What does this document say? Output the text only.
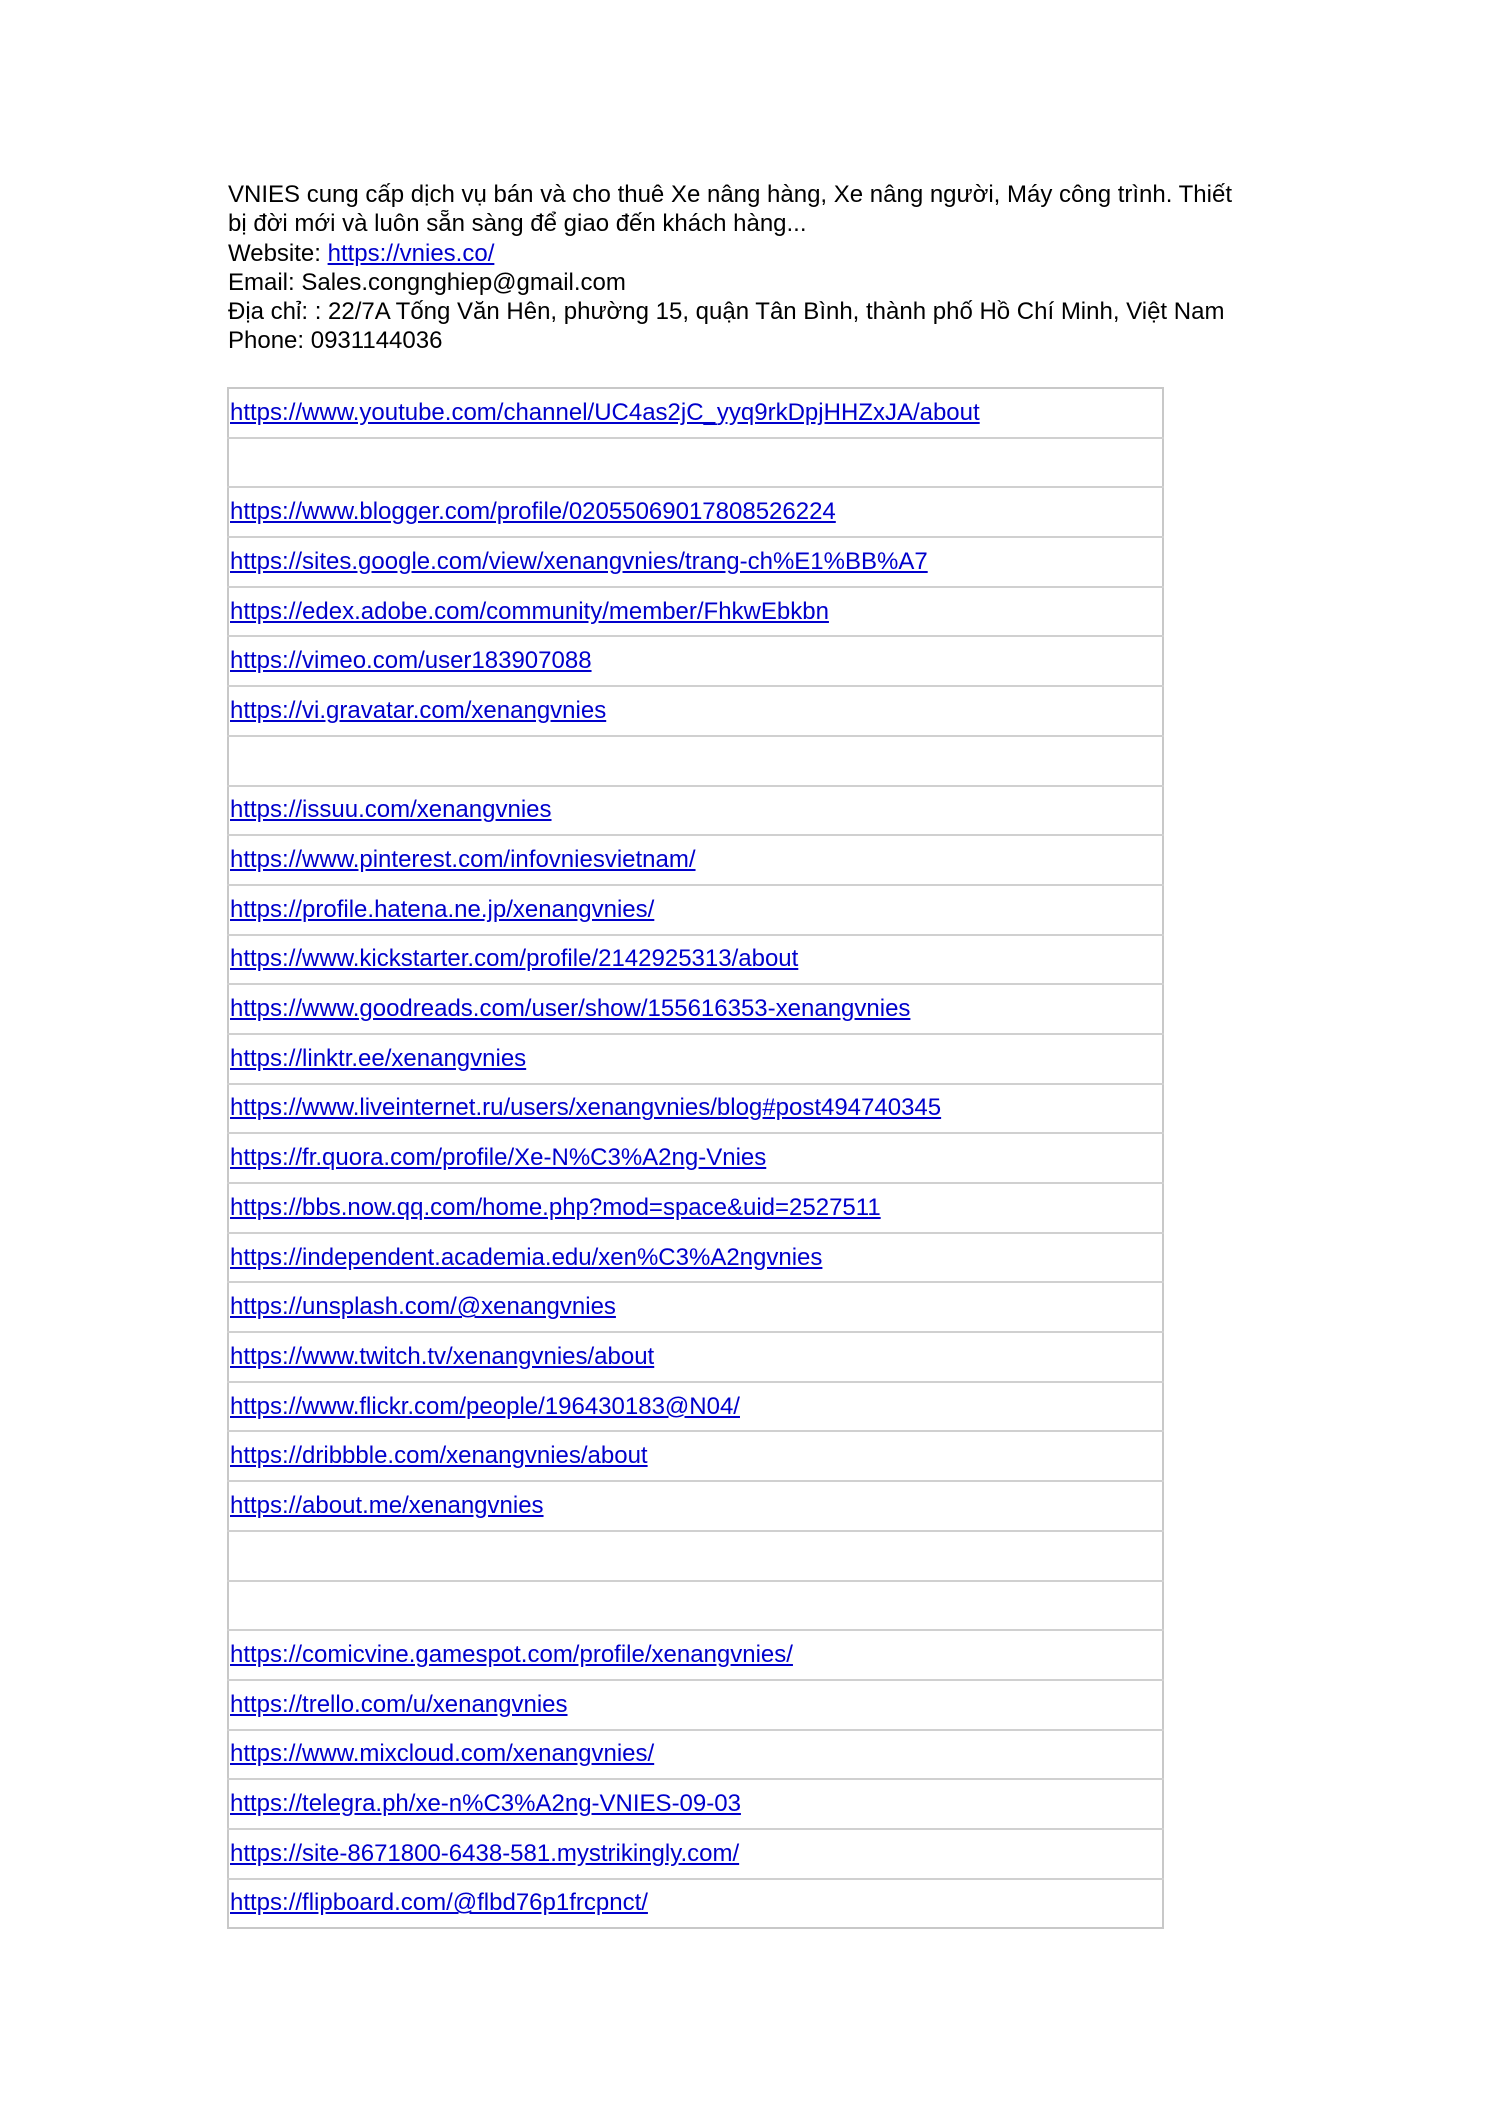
VNIES cung cấp dịch vụ bán và cho thuê Xe nâng hàng, Xe nâng người, Máy công trình. Thiết bị đời mới và luôn sẵn sàng để giao đến khách hàng...

Website: https://vnies.co/

Email: Sales.congnghiep@gmail.com

Địa chỉ: : 22/7A Tống Văn Hên, phường 15, quận Tân Bình, thành phố Hồ Chí Minh, Việt Nam

Phone: 0931144036

https://www.youtube.com/channel/UC4as2jC_yyq9rkDpjHHZxJA/about

https://www.blogger.com/profile/02055069017808526224
https://sites.google.com/view/xenangvnies/trang-ch%E1%BB%A7
https://edex.adobe.com/community/member/FhkwEbkbn
https://vimeo.com/user183907088
https://vi.gravatar.com/xenangvnies

https://issuu.com/xenangvnies
https://www.pinterest.com/infovniesvietnam/
https://profile.hatena.ne.jp/xenangvnies/
https://www.kickstarter.com/profile/2142925313/about
https://www.goodreads.com/user/show/155616353-xenangvnies
https://linktr.ee/xenangvnies
https://www.liveinternet.ru/users/xenangvnies/blog#post494740345
https://fr.quora.com/profile/Xe-N%C3%A2ng-Vnies
https://bbs.now.qq.com/home.php?mod=space&uid=2527511
https://independent.academia.edu/xen%C3%A2ngvnies
https://unsplash.com/@xenangvnies
https://www.twitch.tv/xenangvnies/about
https://www.flickr.com/people/196430183@N04/
https://dribbble.com/xenangvnies/about
https://about.me/xenangvnies

https://comicvine.gamespot.com/profile/xenangvnies/
https://trello.com/u/xenangvnies
https://www.mixcloud.com/xenangvnies/
https://telegra.ph/xe-n%C3%A2ng-VNIES-09-03
https://site-8671800-6438-581.mystrikingly.com/
https://flipboard.com/@flbd76p1frcpnct/
